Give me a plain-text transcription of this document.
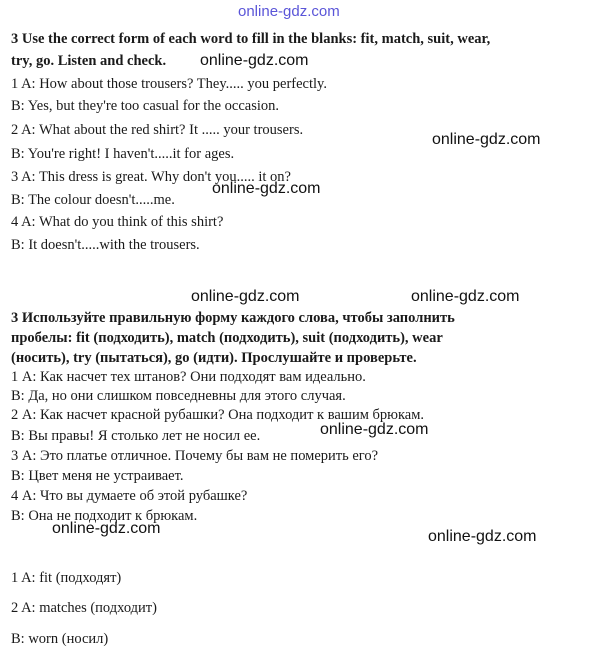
online-gdz.com
3 Use the correct form of each word to fill in the blanks: fit, match, suit, wear,
try, go. Listen and check.
1 A: How about those trousers? They..... you perfectly.
B: Yes, but they're too casual for the occasion.
2 A: What about the red shirt? It ..... your trousers.
B: You're right! I haven't.....it for ages.
3 A: This dress is great. Why don't you..... it on?
B: The colour doesn't.....me.
4 A: What do you think of this shirt?
B: It doesn't.....with the trousers.
3 Используйте правильную форму каждого слова, чтобы заполнить
пробелы: fit (подходить), match (подходить), suit (подходить), wear
(носить), try (пытаться), go (идти). Прослушайте и проверьте.
1 А: Как насчет тех штанов? Они подходят вам идеально.
В: Да, но они слишком повседневны для этого случая.
2 А: Как насчет красной рубашки? Она подходит к вашим брюкам.
В: Вы правы! Я столько лет не носил ее.
3 А: Это платье отличное. Почему бы вам не померить его?
В: Цвет меня не устраивает.
4 А: Что вы думаете об этой рубашке?
В: Она не подходит к брюкам.
1 A: fit (подходят)
2 A: matches (подходит)
B: worn (носил)
online-gdz.com
online-gdz.com
online-gdz.com
online-gdz.com	online-gdz.com
online-gdz.com
online-gdz.com	online-gdz.com
